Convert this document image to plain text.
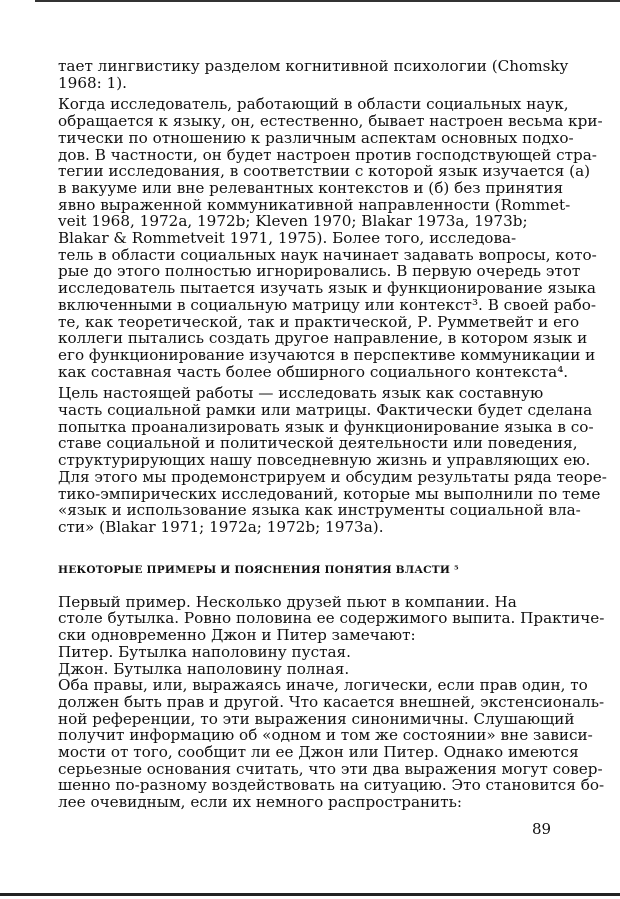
тает лингвистику разделом когнитивной психологии (Chomsky
1968: 1).
Когда исследователь, работающий в области социальных наук,
обращается к языку, он, естественно, бывает настроен весьма кри-
тически по отношению к различным аспектам основных подхо-
дов. В частности, он будет настроен против господствующей стра-
тегии исследования, в соответствии с которой язык изучается (а)
в вакууме или вне релевантных контекстов и (б) без принятия
явно выраженной коммуникативной направленности (Rommet-
veit 1968, 1972a, 1972b; Kleven 1970; Blakar 1973a, 1973b;
Blakar & Rommetveit 1971, 1975). Более того, исследова-
тель в области социальных наук начинает задавать вопросы, кото-
рые до этого полностью игнорировались. В первую очередь этот
исследователь пытается изучать язык и функционирование языка
включенными в социальную матрицу или контекст³. В своей рабо-
те, как теоретической, так и практической, Р. Румметвейт и его
коллеги пытались создать другое направление, в котором язык и
его функционирование изучаются в перспективе коммуникации и
как составная часть более обширного социального контекста⁴.
Цель настоящей работы — исследовать язык как составную
часть социальной рамки или матрицы. Фактически будет сделана
попытка проанализировать язык и функционирование языка в со-
ставе социальной и политической деятельности или поведения,
структурирующих нашу повседневную жизнь и управляющих ею.
Для этого мы продемонстрируем и обсудим результаты ряда теорe-
тико-эмпирических исследований, которые мы выполнили по теме
«язык и использование языка как инструменты социальной вла-
сти» (Blakar 1971; 1972a; 1972b; 1973a).
НЕКОТОРЫЕ ПРИМЕРЫ И ПОЯСНЕНИЯ ПОНЯТИЯ ВЛАСТИ ⁵
Первый пример. Несколько друзей пьют в компании. На
столе бутылка. Ровно половина ее содержимого выпита. Практиче-
ски одновременно Джон и Питер замечают:
Питер. Бутылка наполовину пустая.
Джон. Бутылка наполовину полная.
Оба правы, или, выражаясь иначе, логически, если прав один, то
должен быть прав и другой. Что касается внешней, экстенсиональ-
ной референции, то эти выражения синонимичны. Слушающий
получит информацию об «одном и том же состоянии» вне зависи-
мости от того, сообщит ли ее Джон или Питер. Однако имеются
серьезные основания считать, что эти два выражения могут совер-
шенно по-разному воздействовать на ситуацию. Это становится бо-
лее очевидным, если их немного распространить:
89
